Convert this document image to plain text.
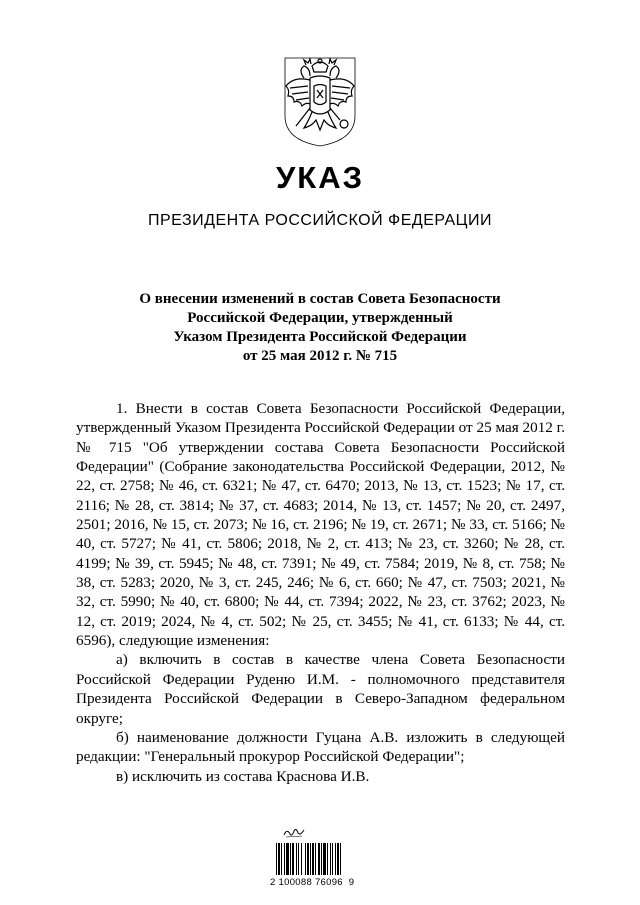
УКАЗ
ПРЕЗИДЕНТА РОССИЙСКОЙ ФЕДЕРАЦИИ
О внесении изменений в состав Совета Безопасности
Российской Федерации, утвержденный
Указом Президента Российской Федерации
от 25 мая 2012 г. № 715

1. Внести в состав Совета Безопасности Российской Федерации, утвержденный Указом Президента Российской Федерации от 25 мая 2012 г. № 715 "Об утверждении состава Совета Безопасности Российской Федерации" (Собрание законодательства Российской Федерации, 2012, № 22, ст. 2758; № 46, ст. 6321; № 47, ст. 6470; 2013, № 13, ст. 1523; № 17, ст. 2116; № 28, ст. 3814; № 37, ст. 4683; 2014, № 13, ст. 1457; № 20, ст. 2497, 2501; 2016, № 15, ст. 2073; № 16, ст. 2196; № 19, ст. 2671; № 33, ст. 5166; № 40, ст. 5727; № 41, ст. 5806; 2018, № 2, ст. 413; № 23, ст. 3260; № 28, ст. 4199; № 39, ст. 5945; № 48, ст. 7391; № 49, ст. 7584; 2019, № 8, ст. 758; № 38, ст. 5283; 2020, № 3, ст. 245, 246; № 6, ст. 660; № 47, ст. 7503; 2021, № 32, ст. 5990; № 40, ст. 6800; № 44, ст. 7394; 2022, № 23, ст. 3762; 2023, № 12, ст. 2019; 2024, № 4, ст. 502; № 25, ст. 3455; № 41, ст. 6133; № 44, ст. 6596), следующие изменения:

а) включить в состав в качестве члена Совета Безопасности Российской Федерации Руденю И.М. - полномочного представителя Президента Российской Федерации в Северо-Западном федеральном округе;

б) наименование должности Гуцана А.В. изложить в следующей редакции: "Генеральный прокурор Российской Федерации";

в) исключить из состава Краснова И.В.

2 100088 76096  9
